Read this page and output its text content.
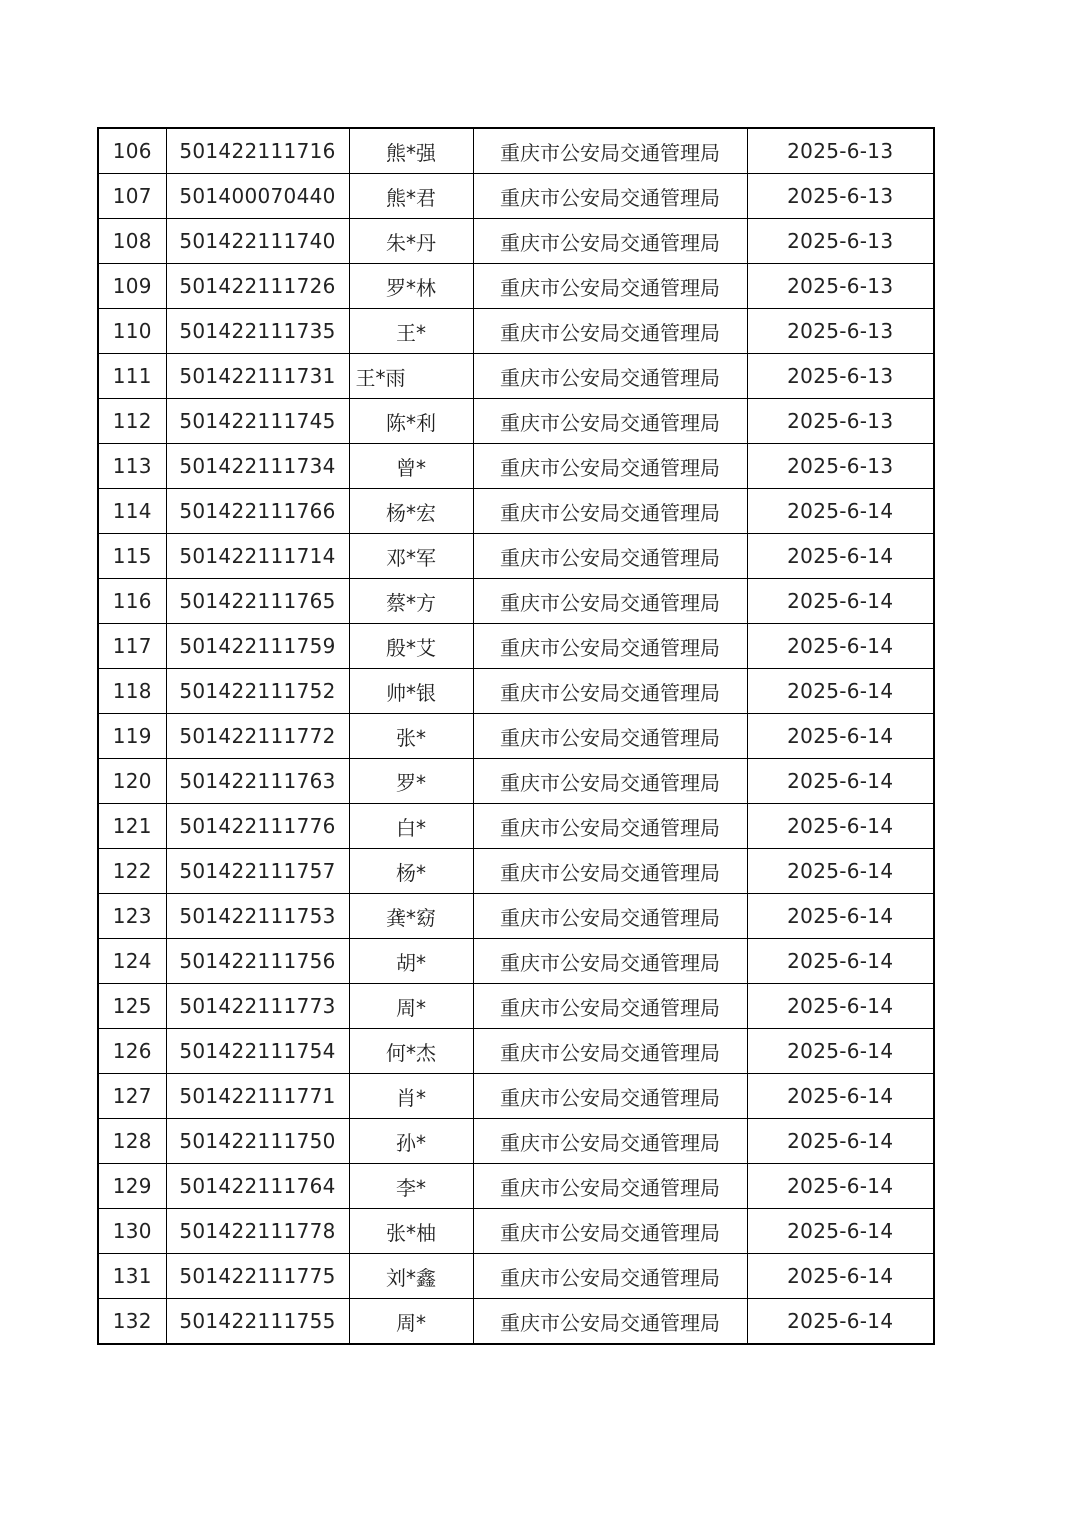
106	501422111716	熊*强	重庆市公安局交通管理局	2025-6-13
107	501400070440	熊*君	重庆市公安局交通管理局	2025-6-13
108	501422111740	朱*丹	重庆市公安局交通管理局	2025-6-13
109	501422111726	罗*林	重庆市公安局交通管理局	2025-6-13
110	501422111735	王*	重庆市公安局交通管理局	2025-6-13
111	501422111731	王*雨	重庆市公安局交通管理局	2025-6-13
112	501422111745	陈*利	重庆市公安局交通管理局	2025-6-13
113	501422111734	曾*	重庆市公安局交通管理局	2025-6-13
114	501422111766	杨*宏	重庆市公安局交通管理局	2025-6-14
115	501422111714	邓*军	重庆市公安局交通管理局	2025-6-14
116	501422111765	蔡*方	重庆市公安局交通管理局	2025-6-14
117	501422111759	殷*艾	重庆市公安局交通管理局	2025-6-14
118	501422111752	帅*银	重庆市公安局交通管理局	2025-6-14
119	501422111772	张*	重庆市公安局交通管理局	2025-6-14
120	501422111763	罗*	重庆市公安局交通管理局	2025-6-14
121	501422111776	白*	重庆市公安局交通管理局	2025-6-14
122	501422111757	杨*	重庆市公安局交通管理局	2025-6-14
123	501422111753	龚*窈	重庆市公安局交通管理局	2025-6-14
124	501422111756	胡*	重庆市公安局交通管理局	2025-6-14
125	501422111773	周*	重庆市公安局交通管理局	2025-6-14
126	501422111754	何*杰	重庆市公安局交通管理局	2025-6-14
127	501422111771	肖*	重庆市公安局交通管理局	2025-6-14
128	501422111750	孙*	重庆市公安局交通管理局	2025-6-14
129	501422111764	李*	重庆市公安局交通管理局	2025-6-14
130	501422111778	张*柚	重庆市公安局交通管理局	2025-6-14
131	501422111775	刘*鑫	重庆市公安局交通管理局	2025-6-14
132	501422111755	周*	重庆市公安局交通管理局	2025-6-14
